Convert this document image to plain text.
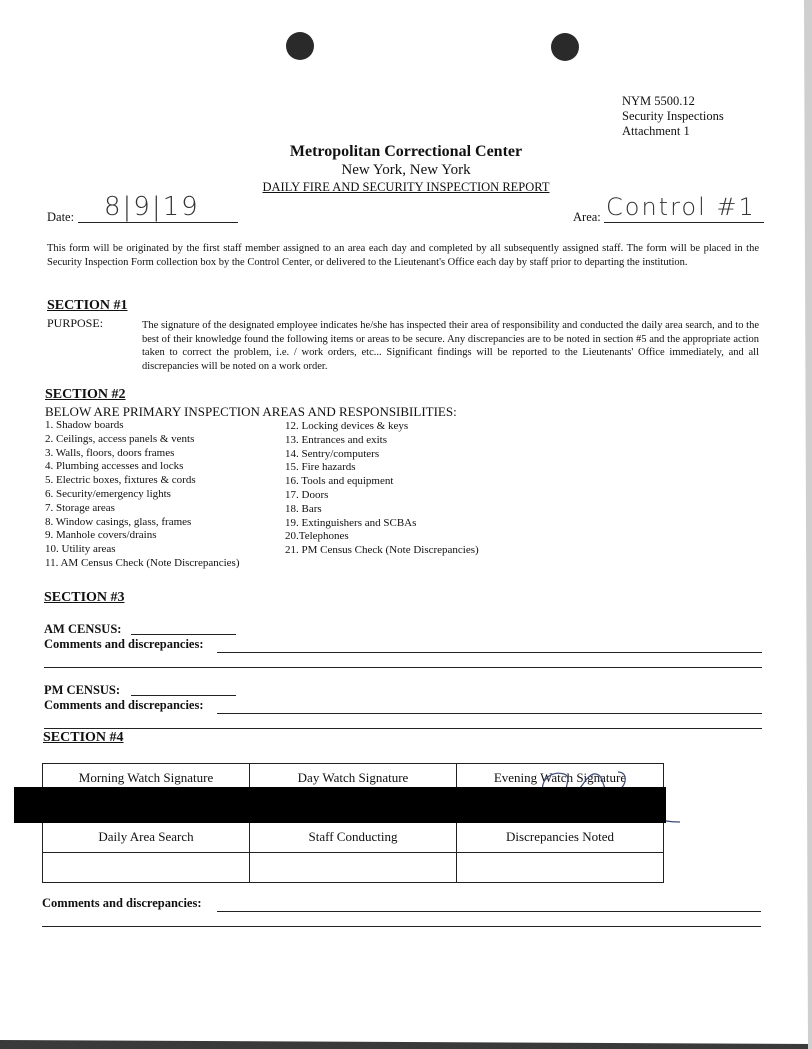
NYM 5500.12
Security Inspections
Attachment 1
Metropolitan Correctional Center
New York, New York
DAILY FIRE AND SECURITY INSPECTION REPORT
Date: 8|9|19	Area: Control #1
This form will be originated by the first staff member assigned to an area each day and completed by all subsequently assigned staff. The form will be placed in the Security Inspection Form collection box by the Control Center, or delivered to the Lieutenant's Office each day by staff prior to departing the institution.
SECTION #1
PURPOSE:	The signature of the designated employee indicates he/she has inspected their area of responsibility and conducted the daily area search, and to the best of their knowledge found the following items or areas to be secure. Any discrepancies are to be noted in section #5 and the appropriate action taken to correct the problem, i.e. / work orders, etc... Significant findings will be reported to the Lieutenants' Office immediately, and all discrepancies will be noted on a work order.
SECTION #2
BELOW ARE PRIMARY INSPECTION AREAS AND RESPONSIBILITIES:
1. Shadow boards
2. Ceilings, access panels & vents
3. Walls, floors, doors frames
4. Plumbing accesses and locks
5. Electric boxes, fixtures & cords
6. Security/emergency lights
7. Storage areas
8. Window casings, glass, frames
9. Manhole covers/drains
10. Utility areas
11. AM Census Check (Note Discrepancies)
12. Locking devices & keys
13. Entrances and exits
14. Sentry/computers
15. Fire hazards
16. Tools and equipment
17. Doors
18. Bars
19. Extinguishers and SCBAs
20.Telephones
21. PM Census Check (Note Discrepancies)
SECTION #3
AM CENSUS:
Comments and discrepancies:
PM CENSUS:
Comments and discrepancies:
SECTION #4
Morning Watch Signature	Day Watch Signature	Evening Watch Signature

Daily Area Search	Staff Conducting	Discrepancies Noted

Comments and discrepancies:
